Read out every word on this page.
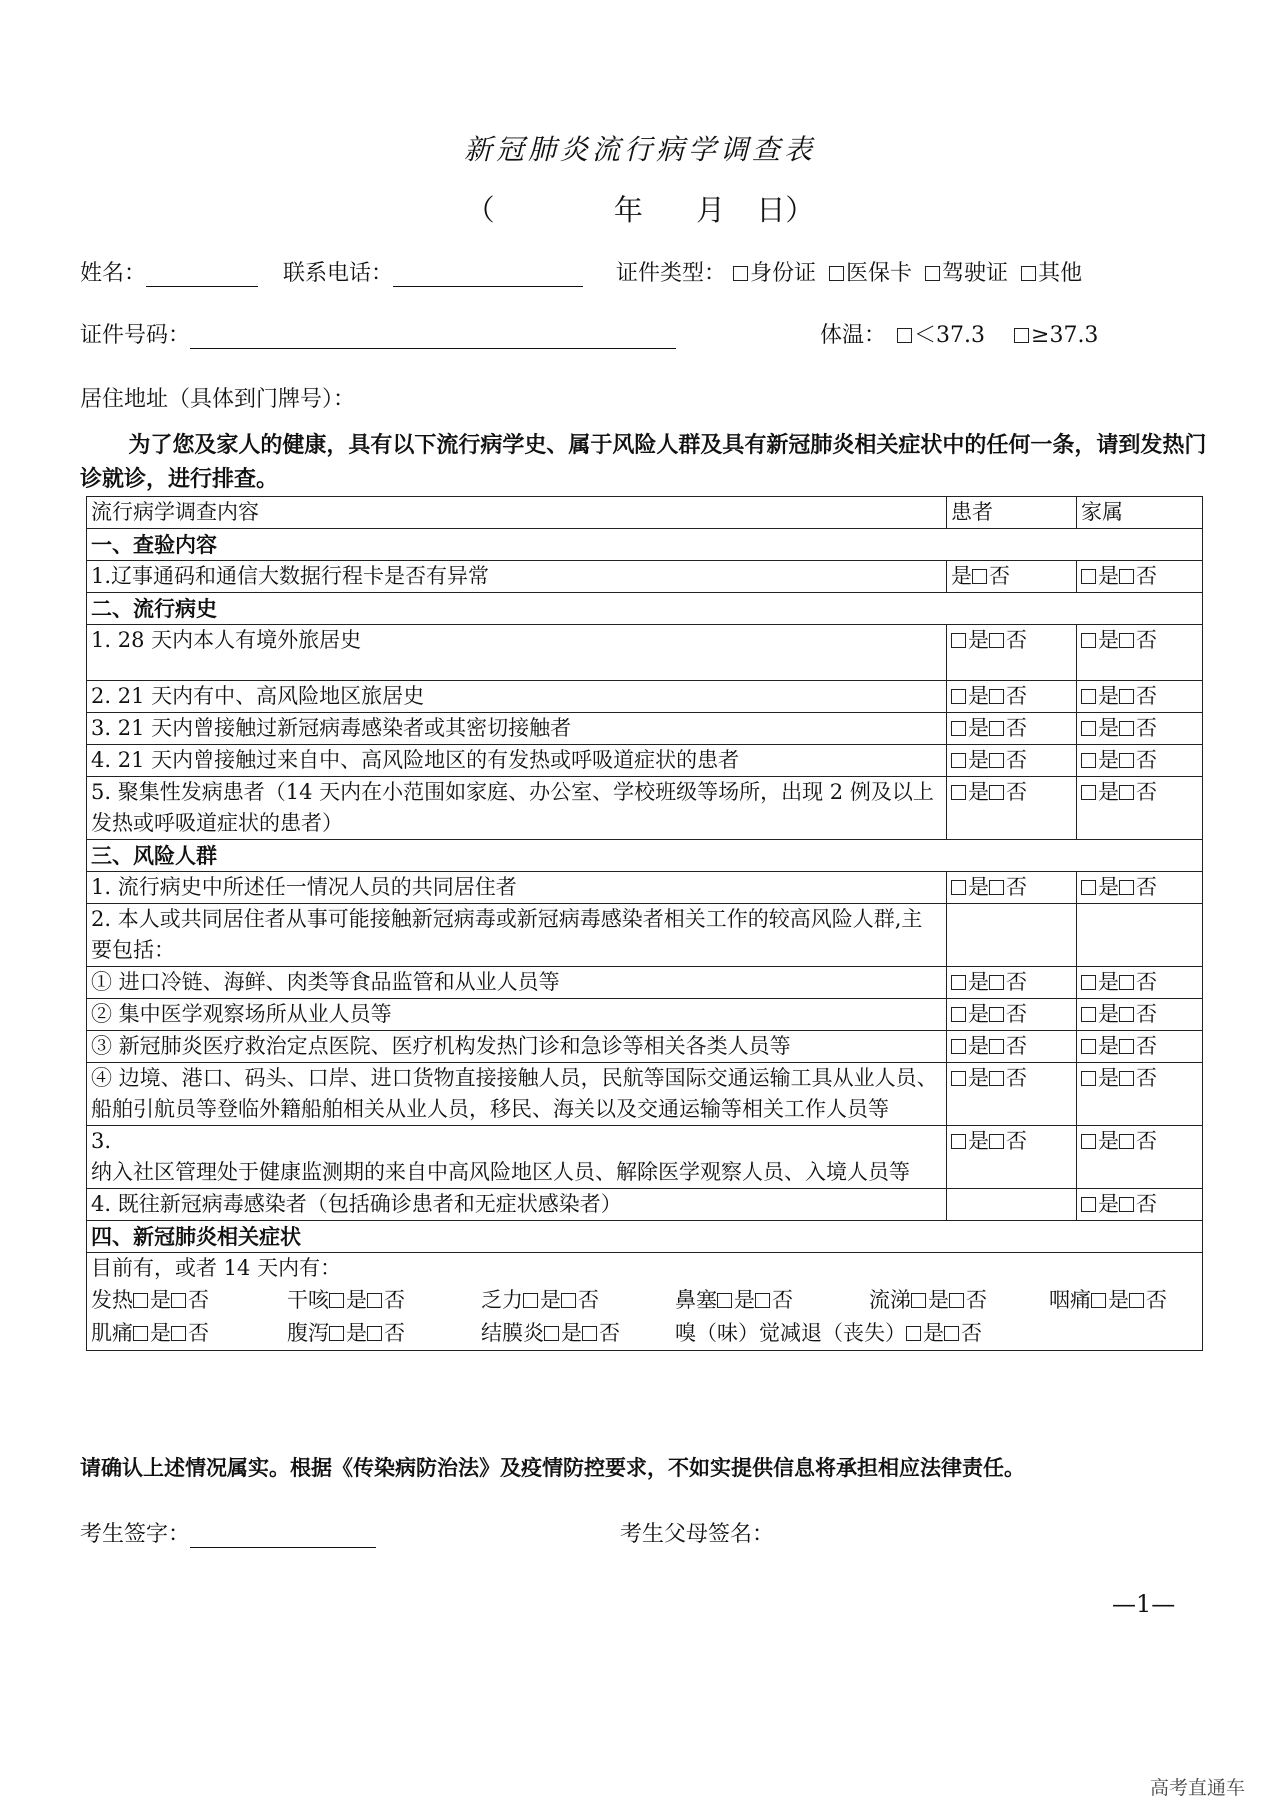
新冠肺炎流行病学调查表
（	年 月 日）
姓名：	联系电话：	证件类型： 身份证 医保卡 驾驶证 其他
证件号码：	体温： ＜37.3 ≥37.3
居住地址（具体到门牌号）：
为了您及家人的健康，具有以下流行病学史、属于风险人群及具有新冠肺炎相关症状中的任何一条，请到发热门诊就诊，进行排查。
流行病学调查内容	患者	家属
一、查验内容		
1.辽事通码和通信大数据行程卡是否有异常	是 否	是 否
二、流行病史		
1. 28 天内本人有境外旅居史	是 否	是 否
2. 21 天内有中、高风险地区旅居史	是 否	是 否
3. 21 天内曾接触过新冠病毒感染者或其密切接触者	是 否	是 否
4. 21 天内曾接触过来自中、高风险地区的有发热或呼吸道症状的患者	是 否	是 否
5. 聚集性发病患者（14 天内在小范围如家庭、办公室、学校班级等场所，出现 2 例及以上发热或呼吸道症状的患者）	是 否	是 否
三、风险人群		
1. 流行病史中所述任一情况人员的共同居住者	是 否	是 否
2. 本人或共同居住者从事可能接触新冠病毒或新冠病毒感染者相关工作的较高风险人群,主要包括：		
① 进口冷链、海鲜、肉类等食品监管和从业人员等	是 否	是 否
② 集中医学观察场所从业人员等	是 否	是 否
③ 新冠肺炎医疗救治定点医院、医疗机构发热门诊和急诊等相关各类人员等	是 否	是 否
④ 边境、港口、码头、口岸、进口货物直接接触人员，民航等国际交通运输工具从业人员、船舶引航员等登临外籍船舶相关从业人员，移民、海关以及交通运输等相关工作人员等	是 否	是 否

3.
纳入社区管理处于健康监测期的来自中高风险地区人员、解除医学观察人员、入境人员等	是 否	是 否
4. 既往新冠病毒感染者（包括确诊患者和无症状感染者）		是 否
四、新冠肺炎相关症状		

目前有，或者 14 天内有：
发热 是 否 干咳 是 否 乏力 是 否 鼻塞 是 否 流涕 是 否 咽痛 是 否
肌痛 是 否 腹泻 是 否 结膜炎 是 否 嗅（味）觉减退（丧失） 是 否		
请确认上述情况属实。根据《传染病防治法》及疫情防控要求，不如实提供信息将承担相应法律责任。
考生签字：	考生父母签名：
—1—
高考直通车
